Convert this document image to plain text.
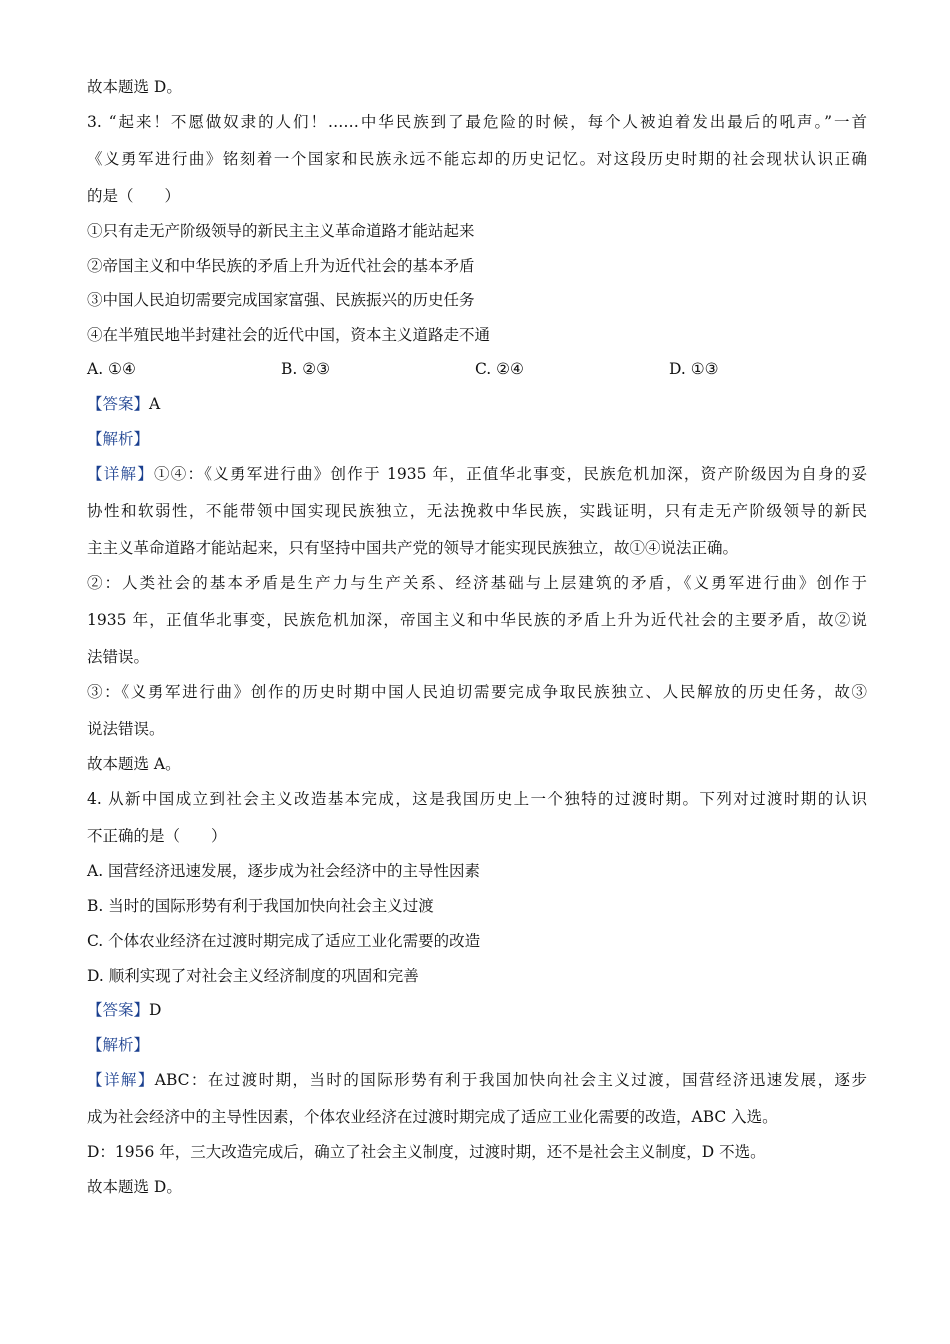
故本题选 D。
3. “起来！不愿做奴隶的人们！……中华民族到了最危险的时候，每个人被迫着发出最后的吼声。”一首
《义勇军进行曲》铭刻着一个国家和民族永远不能忘却的历史记忆。对这段历史时期的社会现状认识正确
的是（　　）
①只有走无产阶级领导的新民主主义革命道路才能站起来
②帝国主义和中华民族的矛盾上升为近代社会的基本矛盾
③中国人民迫切需要完成国家富强、民族振兴的历史任务
④在半殖民地半封建社会的近代中国，资本主义道路走不通
A. ①④	B. ②③	C. ②④	D. ①③
【答案】A
【解析】
【详解】①④：《义勇军进行曲》创作于 1935 年，正值华北事变，民族危机加深，资产阶级因为自身的妥
协性和软弱性，不能带领中国实现民族独立，无法挽救中华民族，实践证明，只有走无产阶级领导的新民
主主义革命道路才能站起来，只有坚持中国共产党的领导才能实现民族独立，故①④说法正确。
②：人类社会的基本矛盾是生产力与生产关系、经济基础与上层建筑的矛盾，《义勇军进行曲》创作于
1935 年，正值华北事变，民族危机加深，帝国主义和中华民族的矛盾上升为近代社会的主要矛盾，故②说
法错误。
③：《义勇军进行曲》创作的历史时期中国人民迫切需要完成争取民族独立、人民解放的历史任务，故③
说法错误。
故本题选 A。
4. 从新中国成立到社会主义改造基本完成，这是我国历史上一个独特的过渡时期。下列对过渡时期的认识
不正确的是（　　）
A. 国营经济迅速发展，逐步成为社会经济中的主导性因素
B. 当时的国际形势有利于我国加快向社会主义过渡
C. 个体农业经济在过渡时期完成了适应工业化需要的改造
D. 顺利实现了对社会主义经济制度的巩固和完善
【答案】D
【解析】
【详解】ABC：在过渡时期，当时的国际形势有利于我国加快向社会主义过渡，国营经济迅速发展，逐步
成为社会经济中的主导性因素，个体农业经济在过渡时期完成了适应工业化需要的改造，ABC 入选。
D：1956 年，三大改造完成后，确立了社会主义制度，过渡时期，还不是社会主义制度，D 不选。
故本题选 D。
